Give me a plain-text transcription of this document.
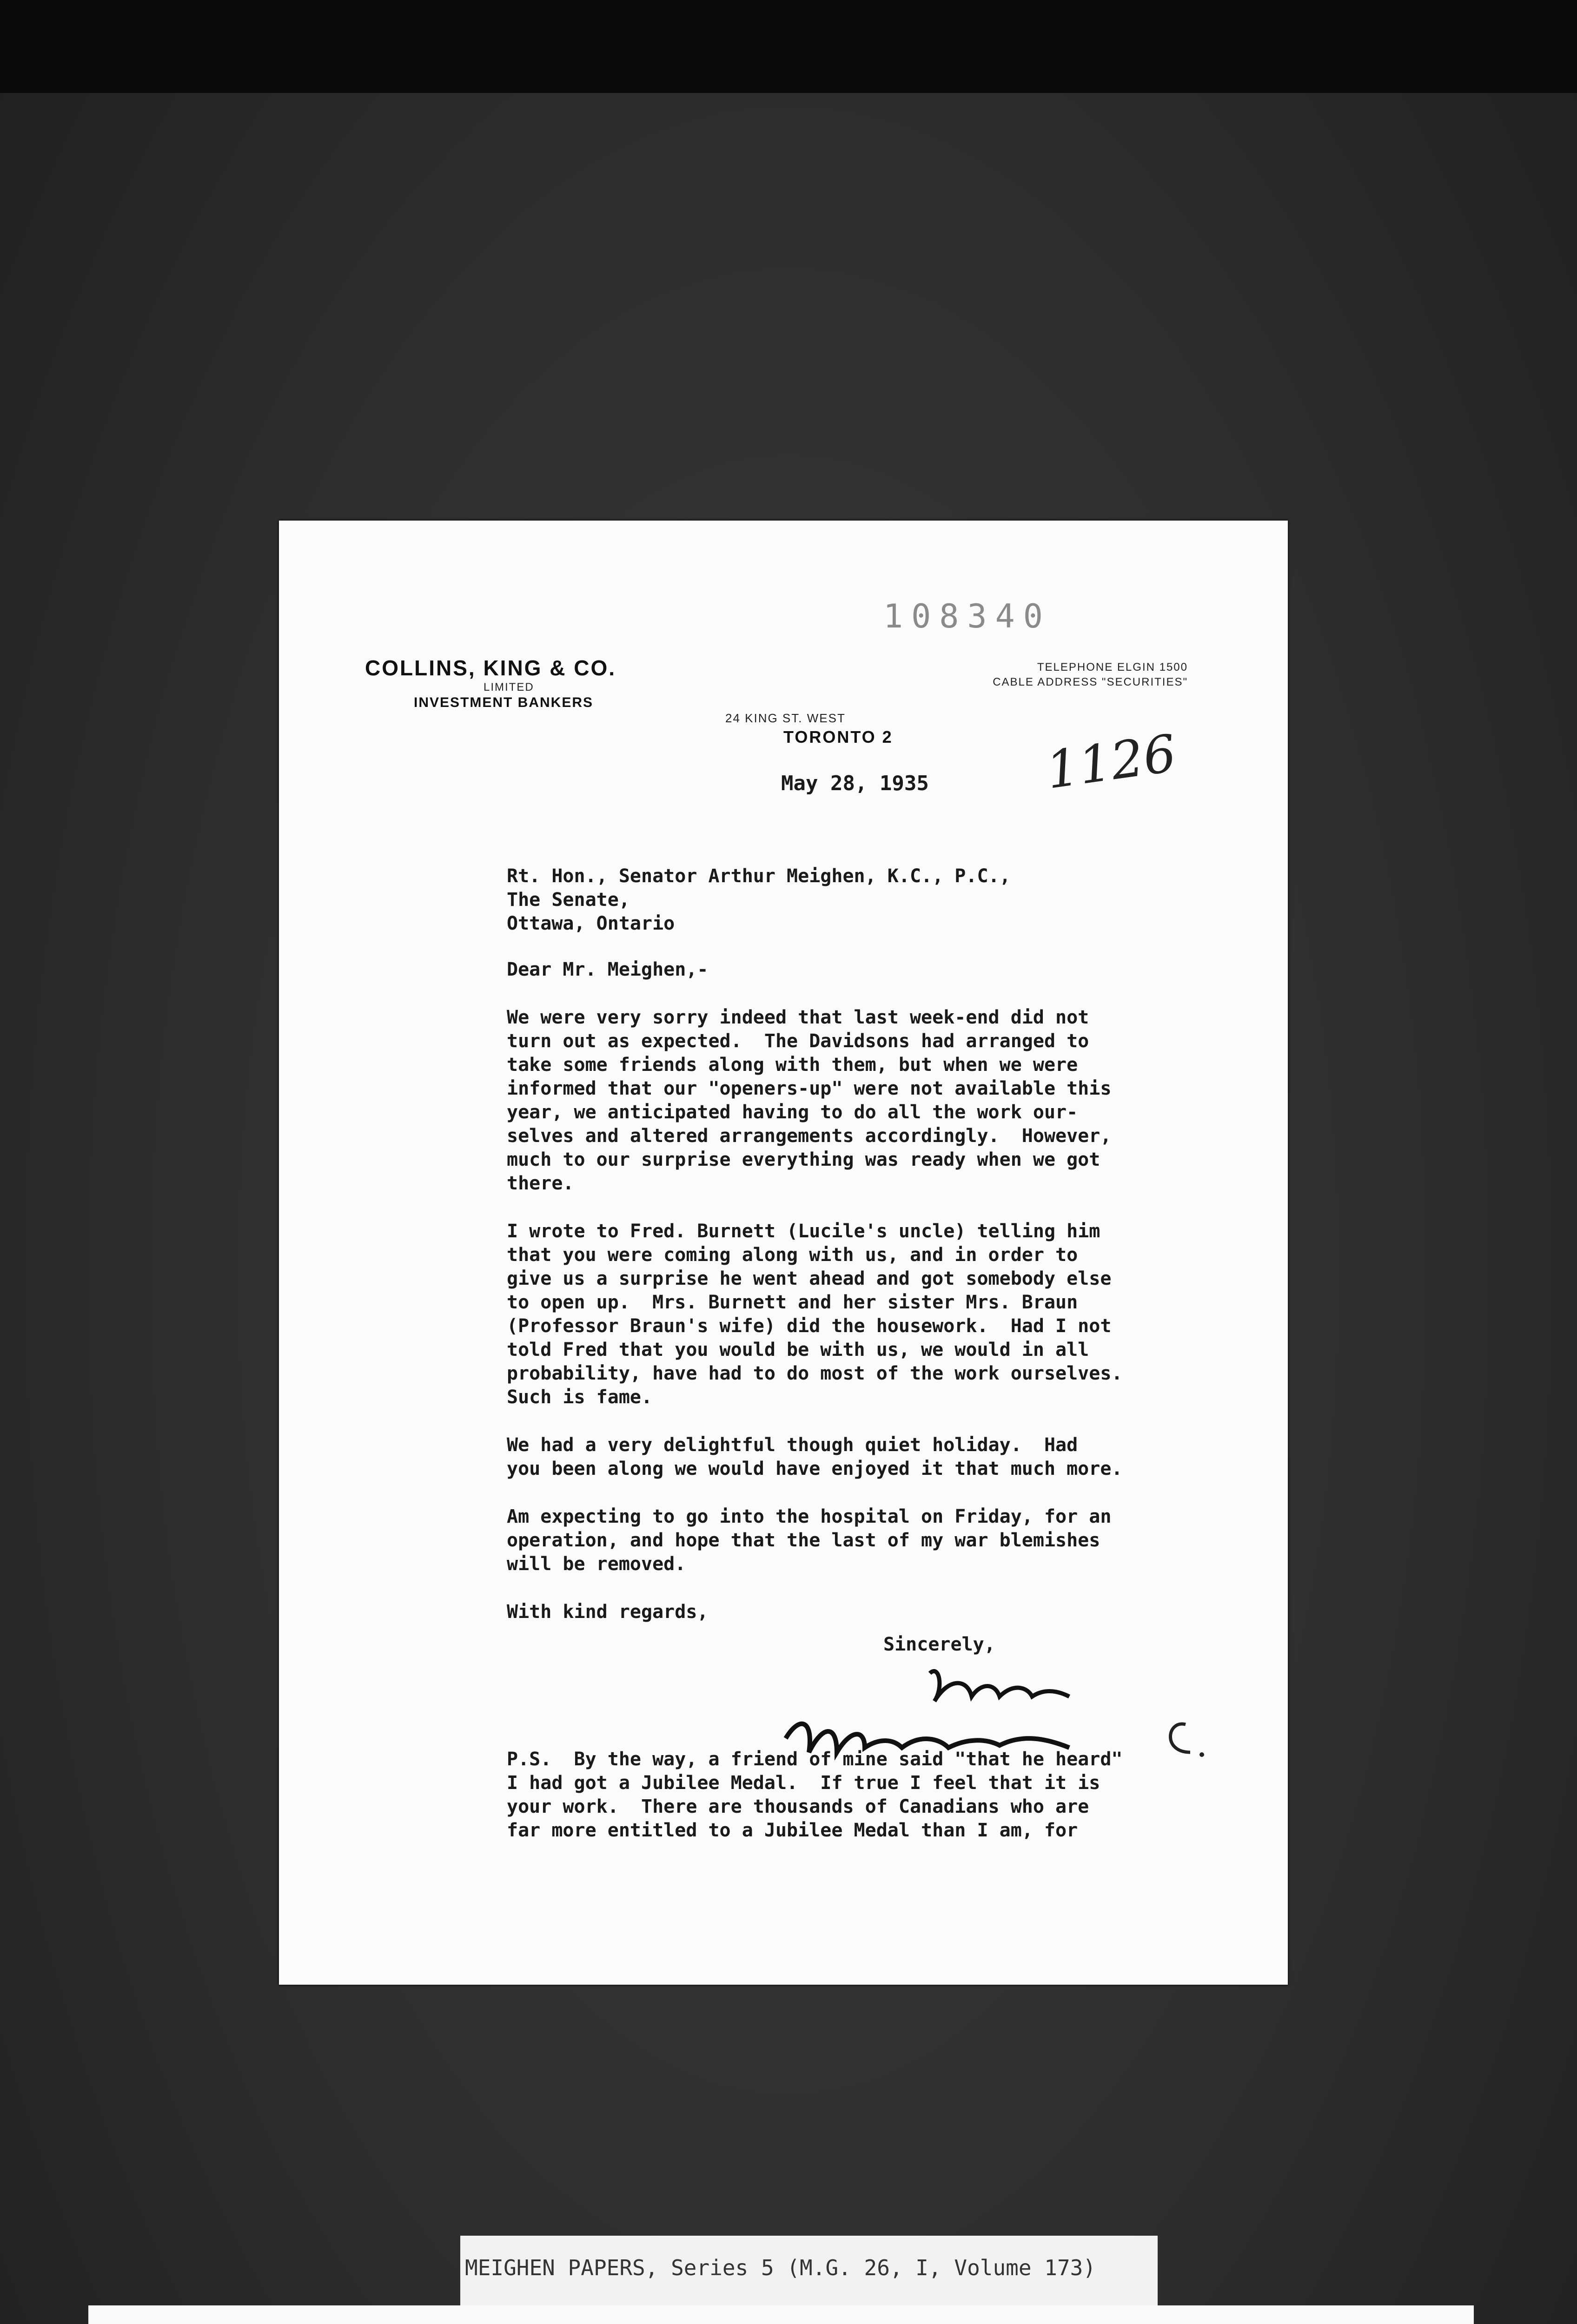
108340
COLLINS, KING & CO.
LIMITED
INVESTMENT BANKERS
TELEPHONE ELGIN 1500
CABLE ADDRESS "SECURITIES"
24 KING ST. WEST
TORONTO 2	1126
May 28, 1935

Rt. Hon., Senator Arthur Meighen, K.C., P.C.,
The Senate,
Ottawa, Ontario

Dear Mr. Meighen,-

We were very sorry indeed that last week-end did not
turn out as expected.  The Davidsons had arranged to
take some friends along with them, but when we were
informed that our "openers-up" were not available this
year, we anticipated having to do all the work our-
selves and altered arrangements accordingly.  However,
much to our surprise everything was ready when we got
there.

I wrote to Fred. Burnett (Lucile's uncle) telling him
that you were coming along with us, and in order to
give us a surprise he went ahead and got somebody else
to open up.  Mrs. Burnett and her sister Mrs. Braun
(Professor Braun's wife) did the housework.  Had I not
told Fred that you would be with us, we would in all
probability, have had to do most of the work ourselves.
Such is fame.

We had a very delightful though quiet holiday.  Had
you been along we would have enjoyed it that much more.

Am expecting to go into the hospital on Friday, for an
operation, and hope that the last of my war blemishes
will be removed.

With kind regards,

Sincerely,
P.S.  By the way, a friend of mine said "that he heard"
I had got a Jubilee Medal.  If true I feel that it is
your work.  There are thousands of Canadians who are
far more entitled to a Jubilee Medal than I am, for
MEIGHEN PAPERS, Series 5 (M.G. 26, I, Volume 173)
